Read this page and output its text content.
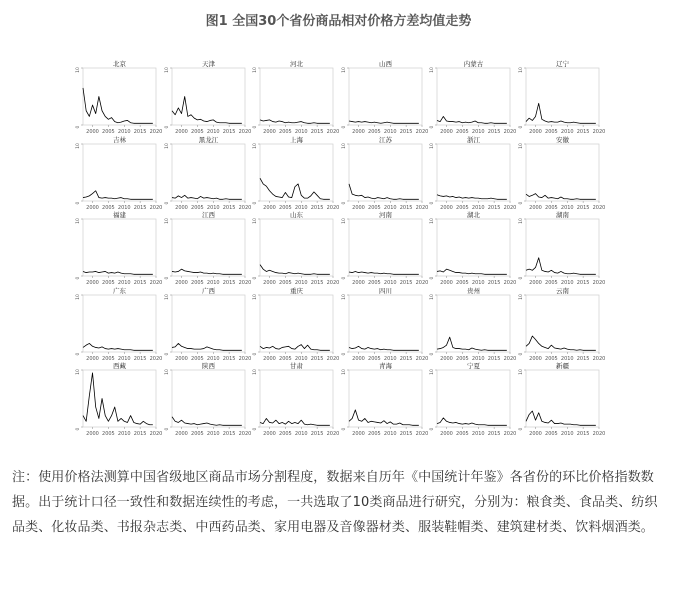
图1 全国30个省份商品相对价格方差均值走势
北京
10
0
2000 2005 2010 2015 2020
天津
10
0
2000 2005 2010 2015 2020
河北
10
0
2000 2005 2010 2015 2020
山西
10
0
2000 2005 2010 2015 2020
内蒙古
10
0
2000 2005 2010 2015 2020
辽宁
10
0
2000 2005 2010 2015 2020
吉林
10
0
2000 2005 2010 2015 2020
黑龙江
10
0
2000 2005 2010 2015 2020
上海
10
0
2000 2005 2010 2015 2020
江苏
10
0
2000 2005 2010 2015 2020
浙江
10
0
2000 2005 2010 2015 2020
安徽
10
0
2000 2005 2010 2015 2020
福建
10
0
2000 2005 2010 2015 2020
江西
10
0
2000 2005 2010 2015 2020
山东
10
0
2000 2005 2010 2015 2020
河南
10
0
2000 2005 2010 2015 2020
湖北
10
0
2000 2005 2010 2015 2020
湖南
10
0
2000 2005 2010 2015 2020
广东
10
0
2000 2005 2010 2015 2020
广西
10
0
2000 2005 2010 2015 2020
重庆
10
0
2000 2005 2010 2015 2020
四川
10
0
2000 2005 2010 2015 2020
贵州
10
0
2000 2005 2010 2015 2020
云南
10
0
2000 2005 2010 2015 2020
西藏
10
0
2000 2005 2010 2015 2020
陕西
10
0
2000 2005 2010 2015 2020
甘肃
10
0
2000 2005 2010 2015 2020
青海
10
0
2000 2005 2010 2015 2020
宁夏
10
0
2000 2005 2010 2015 2020
新疆
10
0
2000 2005 2010 2015 2020
注：使用价格法测算中国省级地区商品市场分割程度，数据来自历年《中国统计年鉴》各省份的环比价格指数数据。出于统计口径一致性和数据连续性的考虑，一共选取了10类商品进行研究，分别为：粮食类、食品类、纺织品类、化妆品类、书报杂志类、中西药品类、家用电器及音像器材类、服装鞋帽类、建筑建材类、饮料烟酒类。
